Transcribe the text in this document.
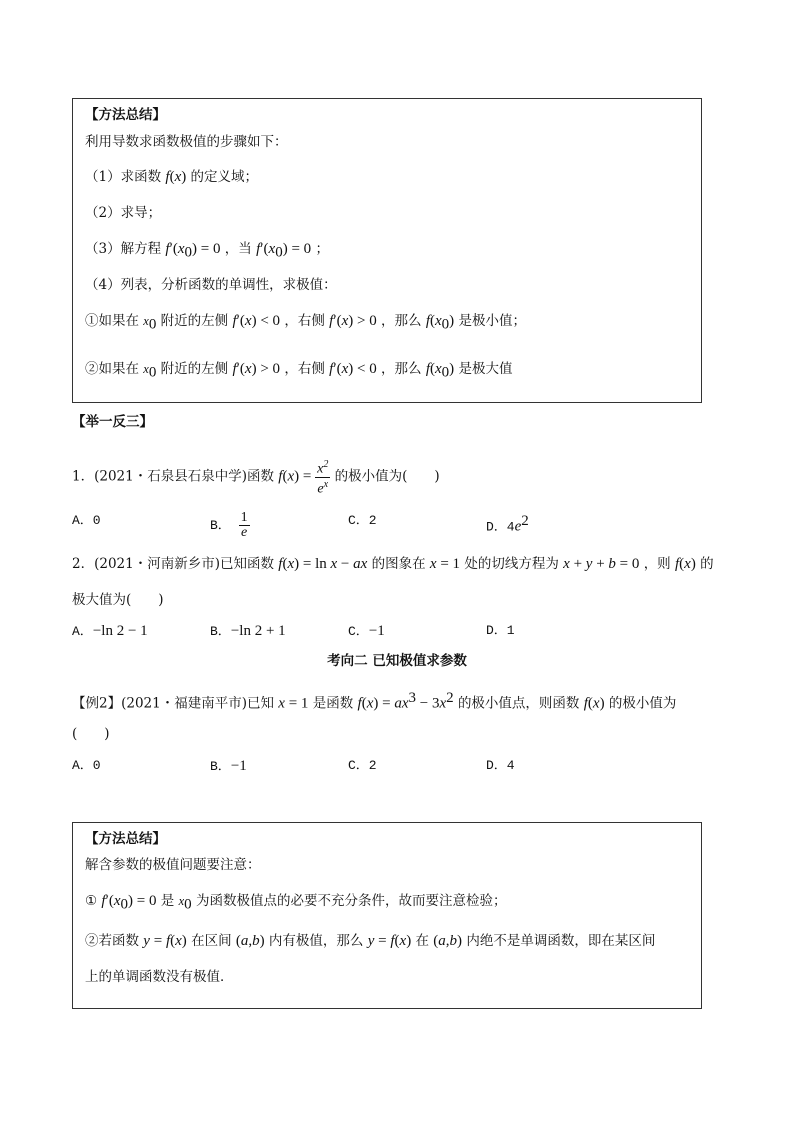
【方法总结】
利用导数求函数极值的步骤如下：
（1）求函数 f(x) 的定义域；
（2）求导；
（3）解方程 $f'(x_0) = 0$ ，当 $f'(x_0) = 0$ ；
（4）列表，分析函数的单调性，求极值：
①如果在 $x_0$ 附近的左侧 f′(x) < 0 ，右侧 f′(x) > 0 ，那么 $f(x_0)$ 是极小值；
②如果在 $x_0$ 附近的左侧 f′(x) > 0 ，右侧 f′(x) < 0 ，那么 $f(x_0)$ 是极大值
【举一反三】
1．(2021・石泉县石泉中学)函数 $f(x) = \frac{x^2}{e^x}$ 的极小值为(　　)
A．0	B． $\frac{1}{e}$	C．2	D．$4e^2$
2．(2021・河南新乡市)已知函数 f(x) = ln x − ax 的图象在 x = 1 处的切线方程为 x + y + b = 0 ，则 f(x) 的
极大值为(　　)
A．−ln 2 − 1	B．−ln 2 + 1	C．−1	D．1
考向二 已知极值求参数
【例2】(2021・福建南平市)已知 x = 1 是函数 $f(x) = ax^3 - 3x^2$ 的极小值点，则函数 f(x) 的极小值为
(　　)
A．0	B．−1	C．2	D．4
【方法总结】
解含参数的极值问题要注意：
① $f'(x_0) = 0$ 是 $x_0$ 为函数极值点的必要不充分条件，故而要注意检验；
②若函数 y = f(x) 在区间 (a,b) 内有极值，那么 y = f(x) 在 (a,b) 内绝不是单调函数，即在某区间
上的单调函数没有极值．
